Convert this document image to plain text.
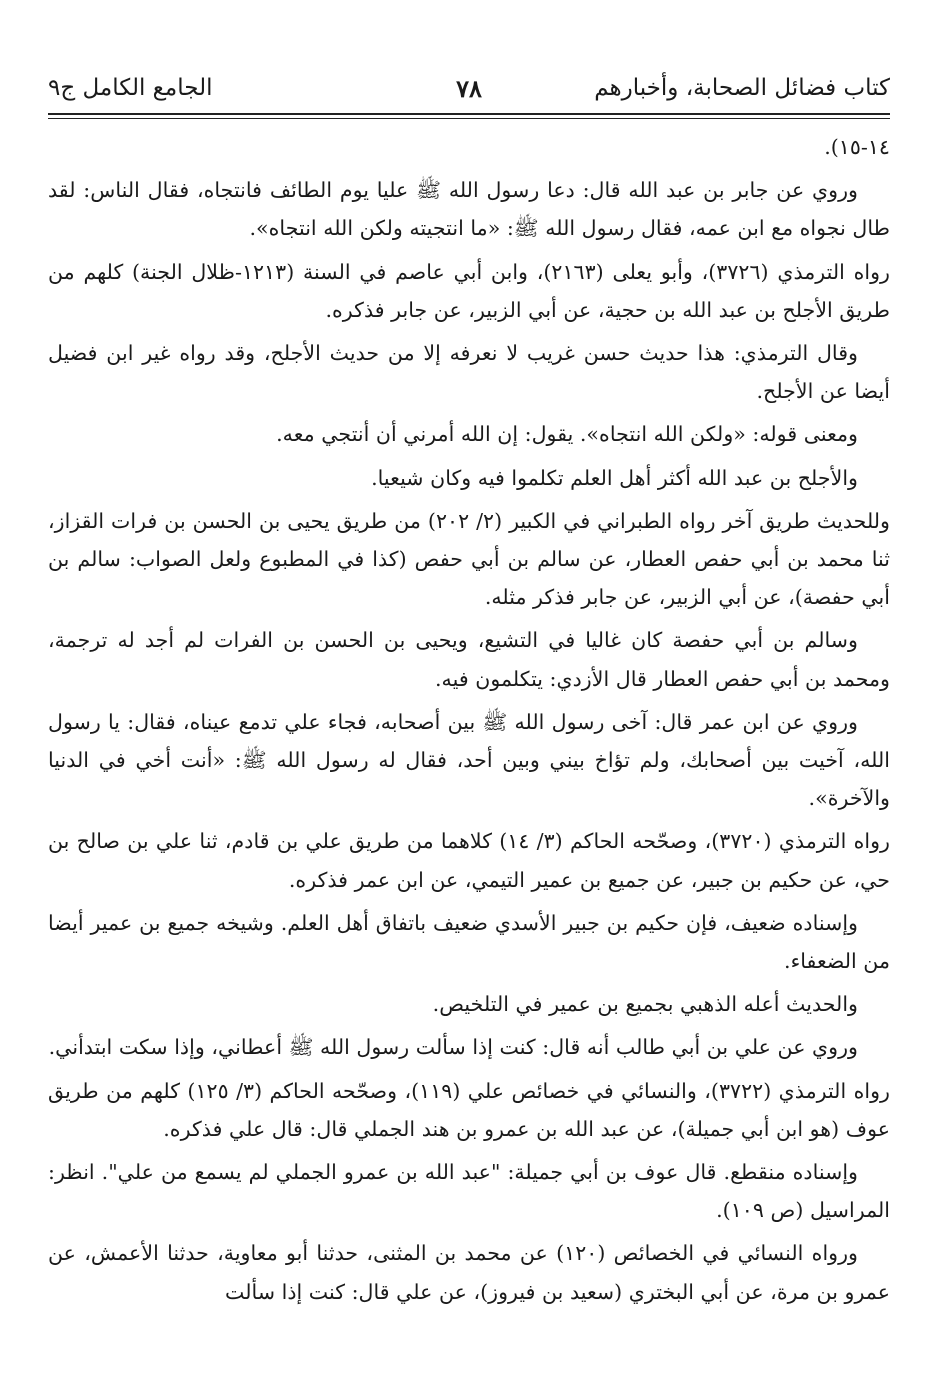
كتاب فضائل الصحابة، وأخبارهم
٧٨
الجامع الكامل ج٩

١٤-١٥).

وروي عن جابر بن عبد الله قال: دعا رسول الله ﷺ عليا يوم الطائف فانتجاه، فقال الناس: لقد طال نجواه مع ابن عمه، فقال رسول الله ﷺ: «ما انتجيته ولكن الله انتجاه».

رواه الترمذي (٣٧٢٦)، وأبو يعلى (٢١٦٣)، وابن أبي عاصم في السنة (١٢١٣-ظلال الجنة) كلهم من طريق الأجلح بن عبد الله بن حجية، عن أبي الزبير، عن جابر فذكره.

وقال الترمذي: هذا حديث حسن غريب لا نعرفه إلا من حديث الأجلح، وقد رواه غير ابن فضيل أيضا عن الأجلح.

ومعنى قوله: «ولكن الله انتجاه». يقول: إن الله أمرني أن أنتجي معه.

والأجلح بن عبد الله أكثر أهل العلم تكلموا فيه وكان شيعيا.

وللحديث طريق آخر رواه الطبراني في الكبير (٢/ ٢٠٢) من طريق يحيى بن الحسن بن فرات القزاز، ثنا محمد بن أبي حفص العطار، عن سالم بن أبي حفص (كذا في المطبوع ولعل الصواب: سالم بن أبي حفصة)، عن أبي الزبير، عن جابر فذكر مثله.

وسالم بن أبي حفصة كان غاليا في التشيع، ويحيى بن الحسن بن الفرات لم أجد له ترجمة، ومحمد بن أبي حفص العطار قال الأزدي: يتكلمون فيه.

وروي عن ابن عمر قال: آخى رسول الله ﷺ بين أصحابه، فجاء علي تدمع عيناه، فقال: يا رسول الله، آخيت بين أصحابك، ولم تؤاخ بيني وبين أحد، فقال له رسول الله ﷺ: «أنت أخي في الدنيا والآخرة».

رواه الترمذي (٣٧٢٠)، وصحّحه الحاكم (٣/ ١٤) كلاهما من طريق علي بن قادم، ثنا علي بن صالح بن حي، عن حكيم بن جبير، عن جميع بن عمير التيمي، عن ابن عمر فذكره.

وإسناده ضعيف، فإن حكيم بن جبير الأسدي ضعيف باتفاق أهل العلم. وشيخه جميع بن عمير أيضا من الضعفاء.

والحديث أعله الذهبي بجميع بن عمير في التلخيص.

وروي عن علي بن أبي طالب أنه قال: كنت إذا سألت رسول الله ﷺ أعطاني، وإذا سكت ابتدأني.

رواه الترمذي (٣٧٢٢)، والنسائي في خصائص علي (١١٩)، وصحّحه الحاكم (٣/ ١٢٥) كلهم من طريق عوف (هو ابن أبي جميلة)، عن عبد الله بن عمرو بن هند الجملي قال: قال علي فذكره.

وإسناده منقطع. قال عوف بن أبي جميلة: "عبد الله بن عمرو الجملي لم يسمع من علي". انظر: المراسيل (ص ١٠٩).

ورواه النسائي في الخصائص (١٢٠) عن محمد بن المثنى، حدثنا أبو معاوية، حدثنا الأعمش، عن عمرو بن مرة، عن أبي البختري (سعيد بن فيروز)، عن علي قال: كنت إذا سألت
